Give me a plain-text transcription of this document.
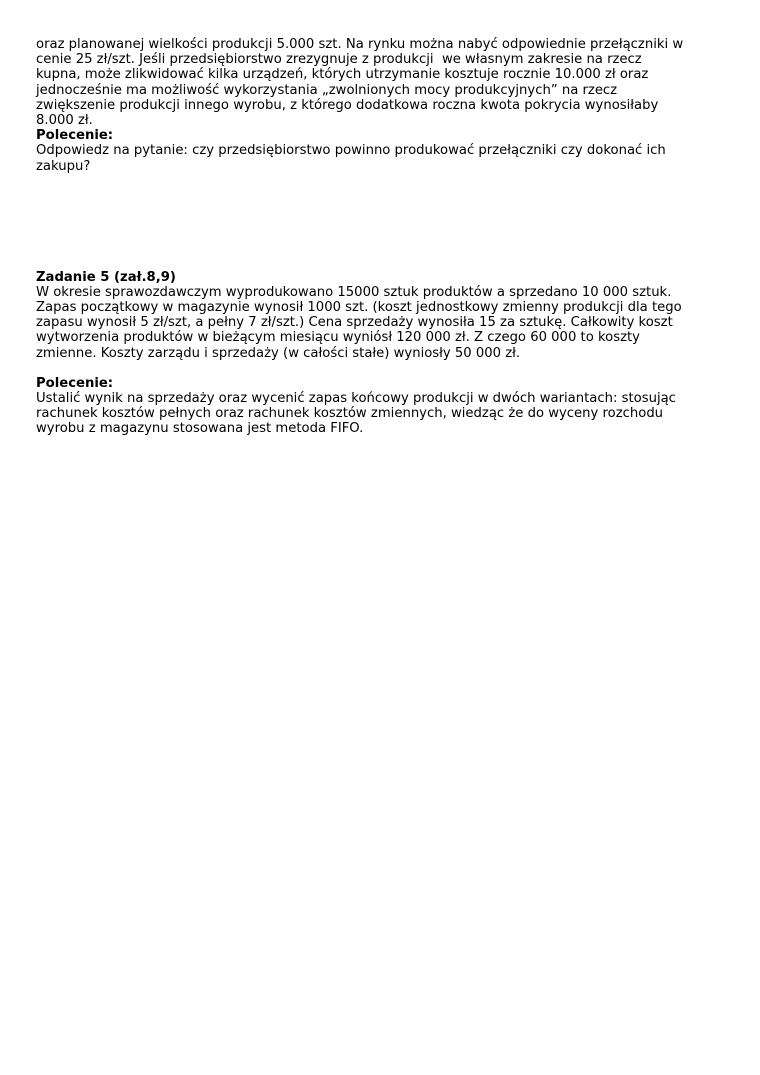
oraz planowanej wielkości produkcji 5.000 szt. Na rynku można nabyć odpowiednie przełączniki w
cenie 25 zł/szt. Jeśli przedsiębiorstwo zrezygnuje z produkcji  we własnym zakresie na rzecz
kupna, może zlikwidować kilka urządzeń, których utrzymanie kosztuje rocznie 10.000 zł oraz
jednocześnie ma możliwość wykorzystania „zwolnionych mocy produkcyjnych” na rzecz
zwiększenie produkcji innego wyrobu, z którego dodatkowa roczna kwota pokrycia wynosiłaby
8.000 zł.
Polecenie:
Odpowiedz na pytanie: czy przedsiębiorstwo powinno produkować przełączniki czy dokonać ich
zakupu?
Zadanie 5 (zał.8,9)
W okresie sprawozdawczym wyprodukowano 15000 sztuk produktów a sprzedano 10 000 sztuk.
Zapas początkowy w magazynie wynosił 1000 szt. (koszt jednostkowy zmienny produkcji dla tego
zapasu wynosił 5 zł/szt, a pełny 7 zł/szt.) Cena sprzedaży wynosiła 15 za sztukę. Całkowity koszt
wytworzenia produktów w bieżącym miesiącu wyniósł 120 000 zł. Z czego 60 000 to koszty
zmienne. Koszty zarządu i sprzedaży (w całości stałe) wyniosły 50 000 zł.
Polecenie:
Ustalić wynik na sprzedaży oraz wycenić zapas końcowy produkcji w dwóch wariantach: stosując
rachunek kosztów pełnych oraz rachunek kosztów zmiennych, wiedząc że do wyceny rozchodu
wyrobu z magazynu stosowana jest metoda FIFO.
